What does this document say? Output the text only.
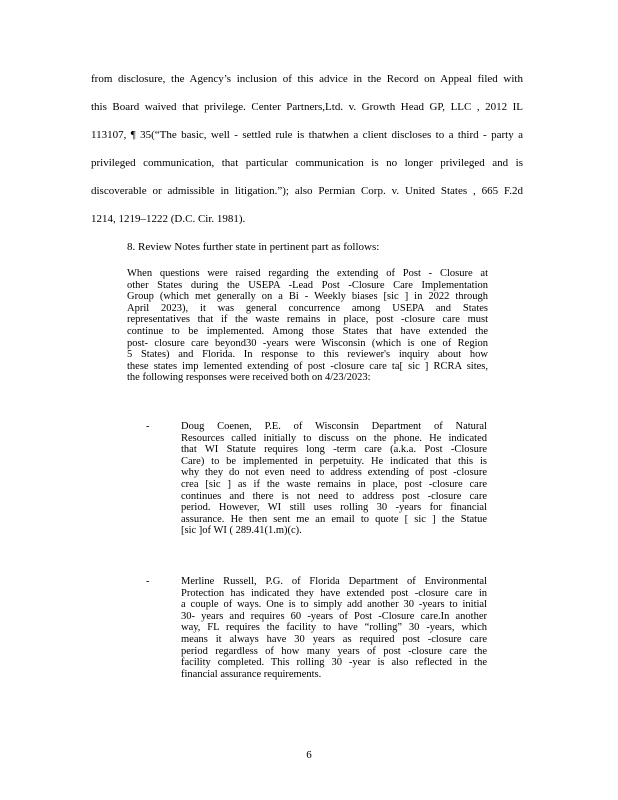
from disclosure, the Agency’s inclusion of this advice in the Record on Appeal filed with
this Board waived that privilege. Center Partners,Ltd. v. Growth Head GP, LLC , 2012 IL
113107, ¶ 35(“The basic, well - settled rule is thatwhen a client discloses to a third - party a
privileged communication, that particular communication is no longer privileged and is
discoverable or admissible in litigation.”); also Permian Corp. v. United States , 665 F.2d
1214, 1219–1222 (D.C. Cir. 1981).
8. Review Notes further state in pertinent part as follows:
When questions were raised regarding the extending of Post - Closure at
other States during the USEPA -Lead Post -Closure Care Implementation
Group (which met generally on a Bi - Weekly biases [sic ] in 2022 through
April 2023), it was general concurrence among USEPA and States
representatives that if the waste remains in place, post -closure care must
continue to be implemented. Among those States that have extended the
post- closure care beyond30 -years were Wisconsin (which is one of Region
5 States) and Florida. In response to this reviewer's inquiry about how
these states imp lemented extending of post -closure care ta[ sic ] RCRA sites,
the following responses were received both on 4/23/2023:
-	Doug Coenen, P.E. of Wisconsin Department of Natural
Resources called initially to discuss on the phone. He indicated
that WI Statute requires long -term care (a.k.a. Post -Closure
Care) to be implemented in perpetuity. He indicated that this is
why they do not even need to address extending of post -closure
crea [sic ] as if the waste remains in place, post -closure care
continues and there is not need to address post -closure care
period. However, WI still uses rolling 30 -years for financial
assurance. He then sent me an email to quote [ sic ] the Statue
[sic ]of WI ( 289.41(1.m)(c).
-	Merline Russell, P.G. of Florida Department of Environmental
Protection has indicated they have extended post -closure care in
a couple of ways. One is to simply add another 30 -years to initial
30- years and requires 60 -years of Post -Closure care.In another
way, FL requires the facility to have “rolling” 30 -years, which
means it always have 30 years as required post -closure care
period regardless of how many years of post -closure care the
facility completed. This rolling 30 -year is also reflected in the
financial assurance requirements.
6
